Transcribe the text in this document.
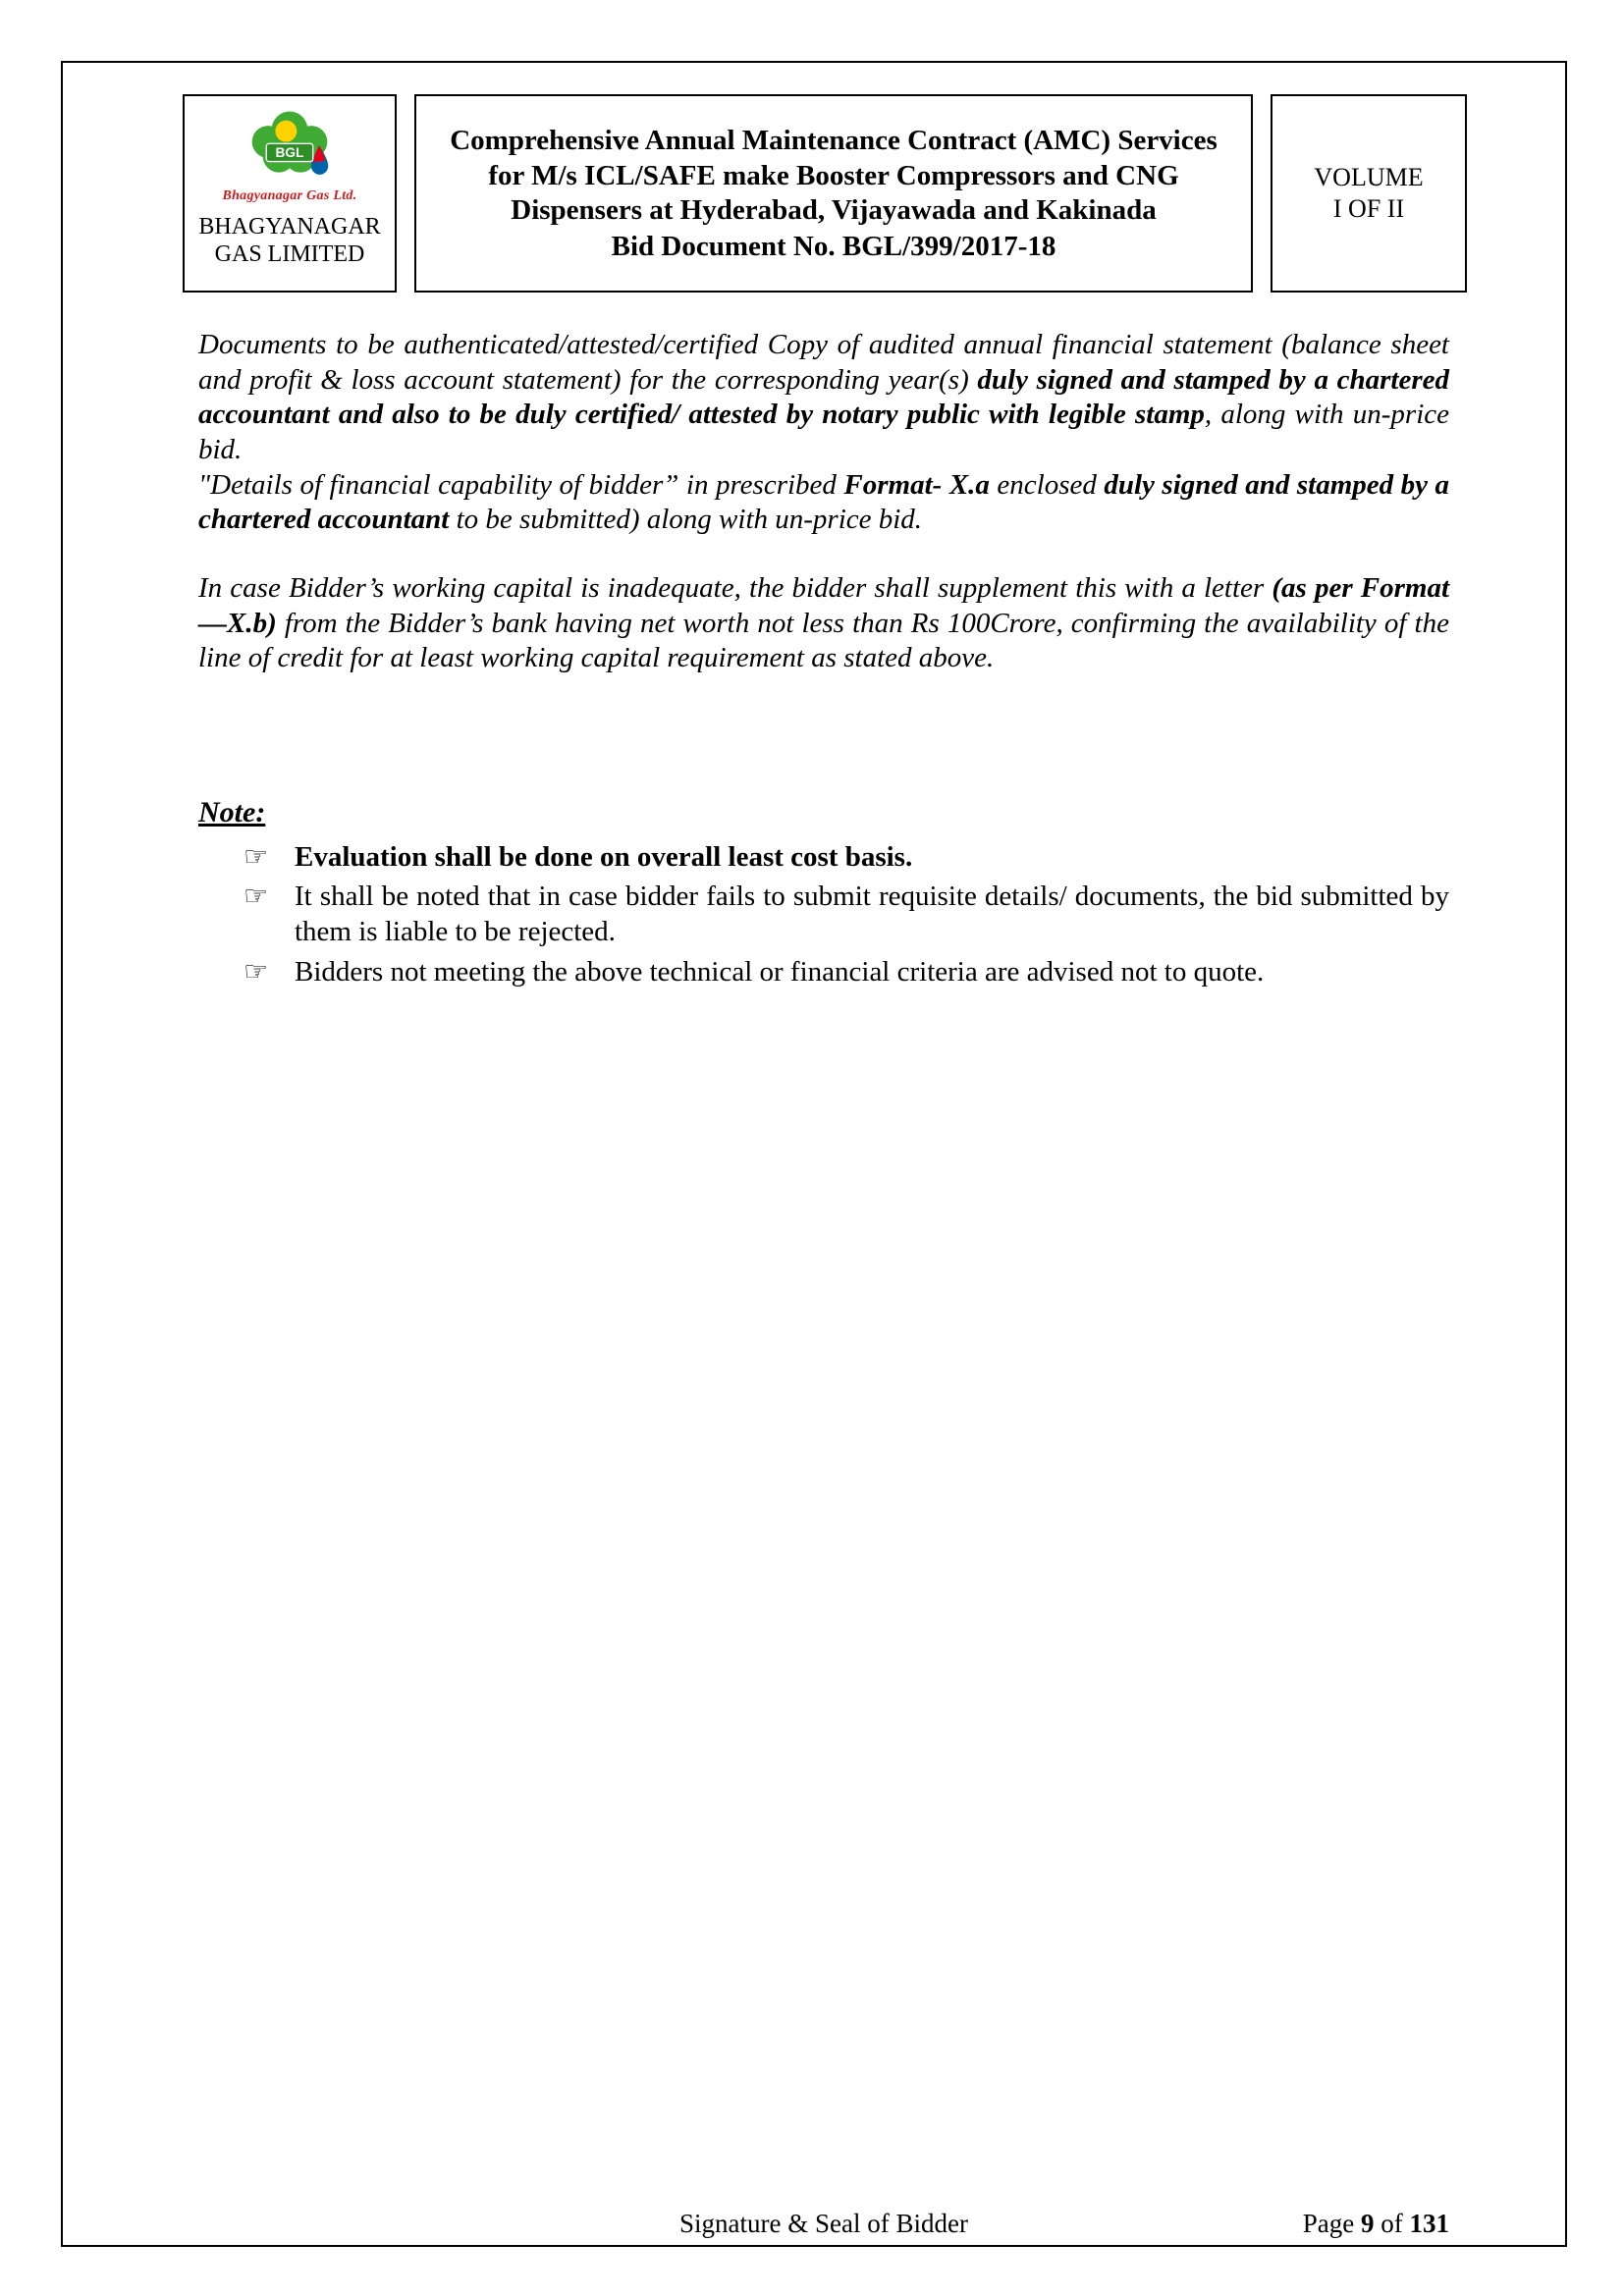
BGL
Bhagyanagar Gas Ltd.
BHAGYANAGAR
GAS LIMITED
Comprehensive Annual Maintenance Contract (AMC) Services for M/s ICL/SAFE make Booster Compressors and CNG Dispensers at Hyderabad, Vijayawada and Kakinada
Bid Document No. BGL/399/2017-18
VOLUME
I OF II

Documents to be authenticated/attested/certified Copy of audited annual financial statement (balance sheet and profit & loss account statement) for the corresponding year(s) duly signed and stamped by a chartered accountant and also to be duly certified/ attested by notary public with legible stamp, along with un-price bid.

"Details of financial capability of bidder” in prescribed Format- X.a enclosed duly signed and stamped by a chartered accountant to be submitted) along with un-price bid.

In case Bidder’s working capital is inadequate, the bidder shall supplement this with a letter (as per Format—X.b) from the Bidder’s bank having net worth not less than Rs 100Crore, confirming the availability of the line of credit for at least working capital requirement as stated above.

Note:
☞ Evaluation shall be done on overall least cost basis.
☞ It shall be noted that in case bidder fails to submit requisite details/ documents, the bid submitted by them is liable to be rejected.
☞ Bidders not meeting the above technical or financial criteria are advised not to quote.
Signature & Seal of Bidder	Page 9 of 131
